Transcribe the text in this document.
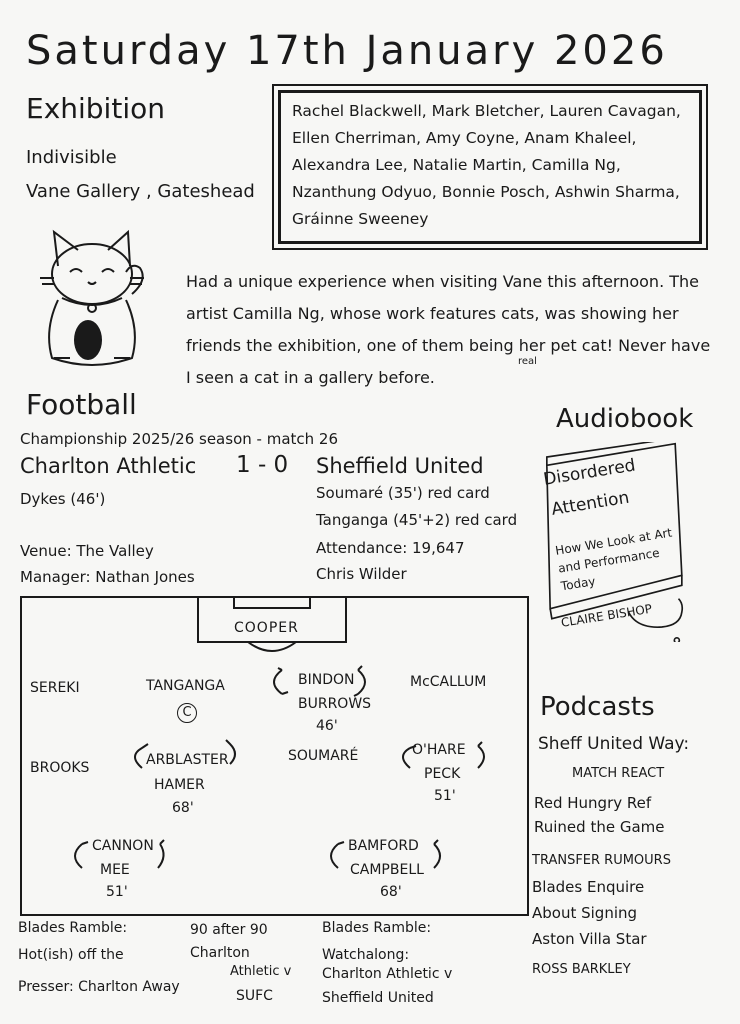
Saturday 17th January 2026
Exhibition
Indivisible
Vane Gallery , Gateshead
Rachel Blackwell, Mark Bletcher, Lauren Cavagan, Ellen Cherriman, Amy Coyne, Anam Khaleel, Alexandra Lee, Natalie Martin, Camilla Ng, Nzanthung Odyuo, Bonnie Posch, Ashwin Sharma, Gráinne Sweeney
Had a unique experience when visiting Vane this afternoon. The artist Camilla Ng, whose work features cats, was showing her friends the exhibition, one of them being her pet cat! Never have I seen a cat in a gallery before.
real
Football
Championship 2025/26 season - match 26
Charlton Athletic 1 - 0 Sheffield United
Dykes (46')	Soumaré (35') red card
Tanganga (45'+2) red card
Venue: The Valley	Attendance: 19,647
Manager: Nathan Jones	Chris Wilder
COOPER
SEREKI	TANGANGA
C
BINDON
BURROWS
46'
McCALLUM
BROOKS	ARBLASTER
HAMER
68'
SOUMARÉ	O'HARE
PECK
51'
CANNON
MEE
51'
BAMFORD
CAMPBELL
68'
Audiobook
Disordered
Attention
How We Look at Art and Performance Today
CLAIRE BISHOP
Podcasts
Sheff United Way:
MATCH REACT
Red Hungry Ref
Ruined the Game
TRANSFER RUMOURS
Blades Enquire
About Signing
Aston Villa Star
ROSS BARKLEY
Blades Ramble:
Hot(ish) off the
Presser: Charlton Away
90 after 90
Charlton
Athletic v
SUFC
Blades Ramble:
Watchalong:
Charlton Athletic v
Sheffield United
